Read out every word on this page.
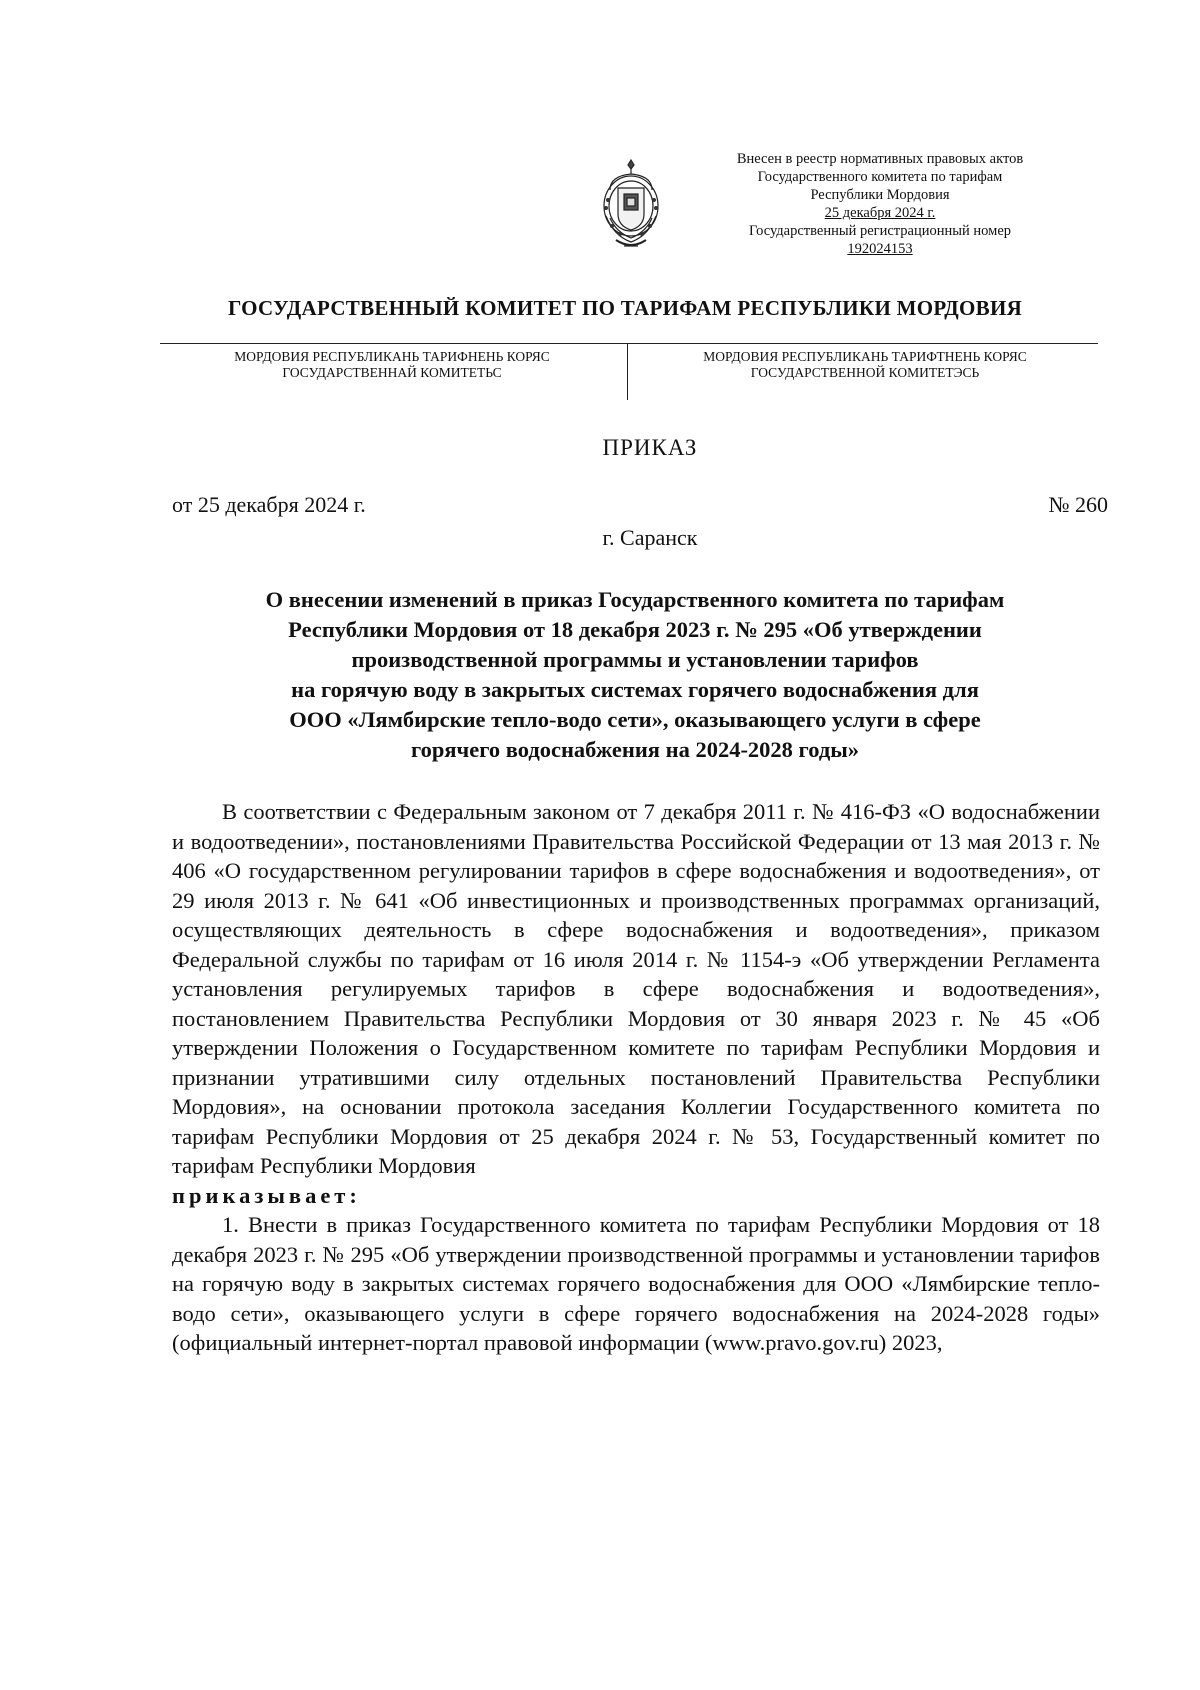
Внесен в реестр нормативных правовых актов
Государственного комитета по тарифам
Республики Мордовия
25 декабря 2024 г.
Государственный регистрационный номер
192024153
ГОСУДАРСТВЕННЫЙ КОМИТЕТ ПО ТАРИФАМ РЕСПУБЛИКИ МОРДОВИЯ
МОРДОВИЯ РЕСПУБЛИКАНЬ ТАРИФНЕНЬ КОРЯС
ГОСУДАРСТВЕННАЙ КОМИТЕТЬС
МОРДОВИЯ РЕСПУБЛИКАНЬ ТАРИФТНЕНЬ КОРЯС
ГОСУДАРСТВЕННОЙ КОМИТЕТЭСЬ
ПРИКАЗ
от 25 декабря 2024 г.	№ 260
г. Саранск
О внесении изменений в приказ Государственного комитета по тарифам
Республики Мордовия от 18 декабря 2023 г. № 295 «Об утверждении
производственной программы и установлении тарифов
на горячую воду в закрытых системах горячего водоснабжения для
ООО «Лямбирские тепло-водо сети», оказывающего услуги в сфере
горячего водоснабжения на 2024-2028 годы»

В соответствии с Федеральным законом от 7 декабря 2011 г. № 416-ФЗ «О водоснабжении и водоотведении», постановлениями Правительства Российской Федерации от 13 мая 2013 г. № 406 «О государственном регулировании тарифов в сфере водоснабжения и водоотведения», от 29 июля 2013 г. № 641 «Об инвестиционных и производственных программах организаций, осуществляющих деятельность в сфере водоснабжения и водоотведения», приказом Федеральной службы по тарифам от 16 июля 2014 г. № 1154-э «Об утверждении Регламента установления регулируемых тарифов в сфере водоснабжения и водоотведения», постановлением Правительства Республики Мордовия от 30 января 2023 г. № 45 «Об утверждении Положения о Государственном комитете по тарифам Республики Мордовия и признании утратившими силу отдельных постановлений Правительства Республики Мордовия», на основании протокола заседания Коллегии Государственного комитета по тарифам Республики Мордовия от 25 декабря 2024 г. № 53, Государственный комитет по тарифам Республики Мордовия

приказывает:

1. Внести в приказ Государственного комитета по тарифам Республики Мордовия от 18 декабря 2023 г. № 295 «Об утверждении производственной программы и установлении тарифов на горячую воду в закрытых системах горячего водоснабжения для ООО «Лямбирские тепло-водо сети», оказывающего услуги в сфере горячего водоснабжения на 2024-2028 годы» (официальный интернет-портал правовой информации (www.pravo.gov.ru) 2023,
